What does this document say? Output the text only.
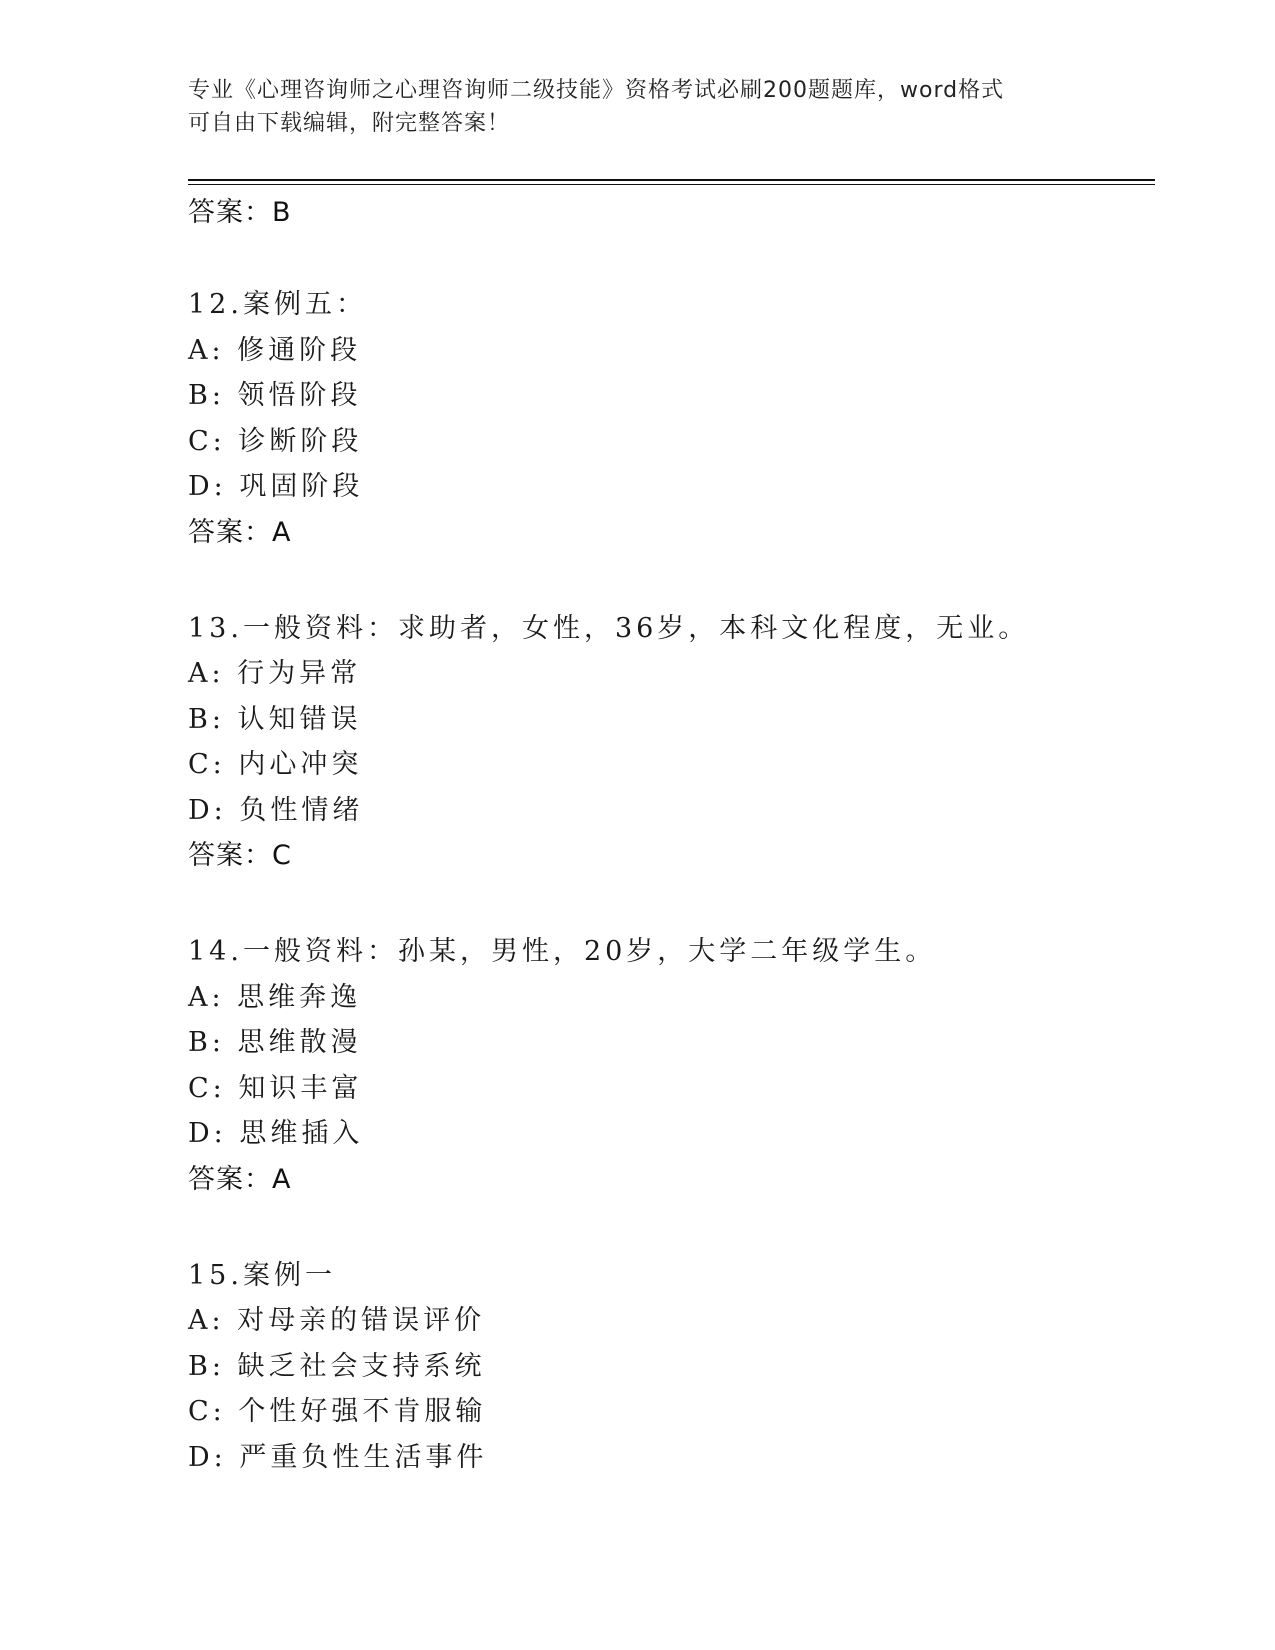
专业《心理咨询师之心理咨询师二级技能》资格考试必刷200题题库，word格式

可自由下载编辑，附完整答案！

答案：B
12.案例五：
A: 修通阶段
B: 领悟阶段
C: 诊断阶段
D: 巩固阶段
答案：A
13.一般资料：求助者，女性，36岁，本科文化程度，无业。
A: 行为异常
B: 认知错误
C: 内心冲突
D: 负性情绪
答案：C
14.一般资料：孙某，男性，20岁，大学二年级学生。
A: 思维奔逸
B: 思维散漫
C: 知识丰富
D: 思维插入
答案：A
15.案例一
A: 对母亲的错误评价
B: 缺乏社会支持系统
C: 个性好强不肯服输
D: 严重负性生活事件
